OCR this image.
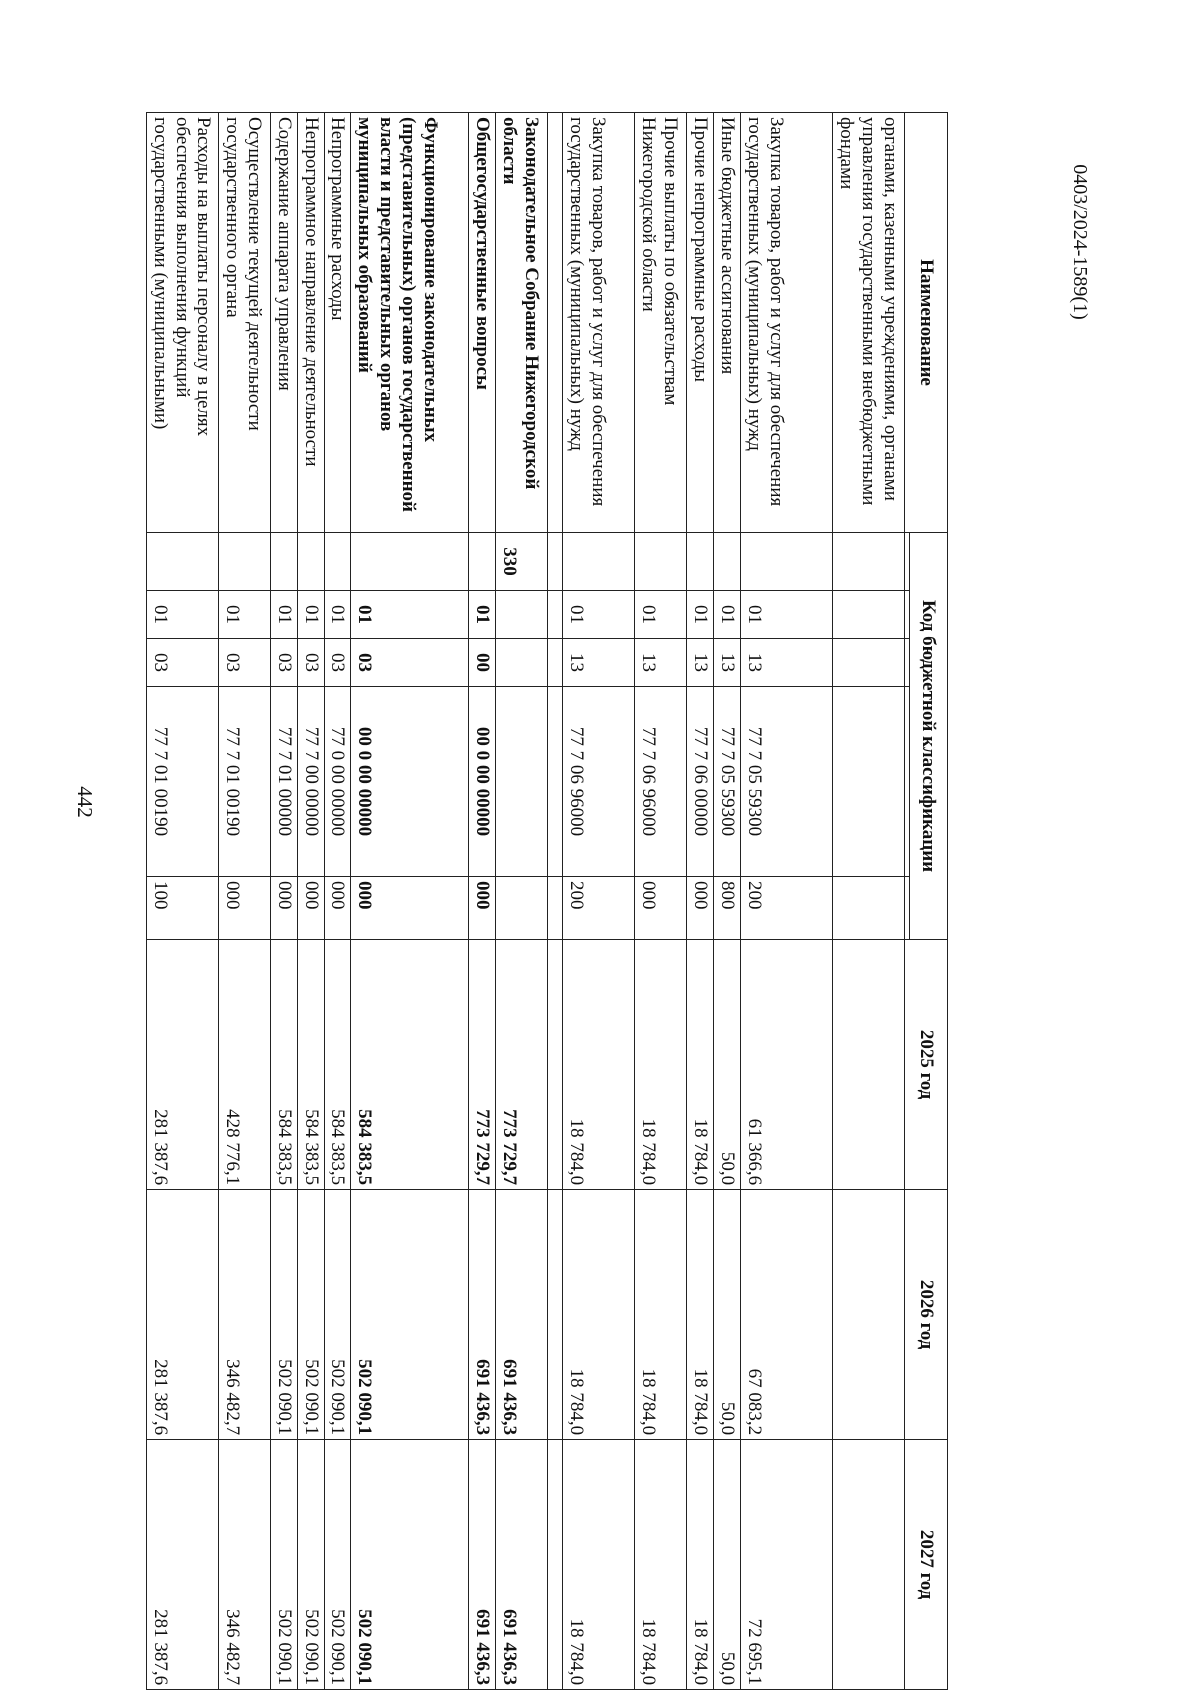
442
0403/2024-1589(1)
Наименование	Код бюджетной классификации					2025 год	2026 год	2027 год

органами, казенными учреждениями, органами управления государственными внебюджетными фондами								
Закупка товаров, работ и услуг для обеспечения государственных (муниципальных) нужд		01	13	77 7 05 59300	200	61 366,6	67 083,2	72 695,1
Иные бюджетные ассигнования		01	13	77 7 05 59300	800	50,0	50,0	50,0
Прочие непрограммные расходы		01	13	77 7 06 00000	000	18 784,0	18 784,0	18 784,0
Прочие выплаты по обязательствам Нижегородской области		01	13	77 7 06 96000	000	18 784,0	18 784,0	18 784,0
Закупка товаров, работ и услуг для обеспечения государственных (муниципальных) нужд		01	13	77 7 06 96000	200	18 784,0	18 784,0	18 784,0

Законодательное Собрание Нижегородской области	330					773 729,7	691 436,3	691 436,3
Общегосударственные вопросы		01	00	00 0 00 00000	000	773 729,7	691 436,3	691 436,3
Функционирование законодательных (представительных) органов государственной власти и представительных органов муниципальных образований		01	03	00 0 00 00000	000	584 383,5	502 090,1	502 090,1
Непрограммные расходы		01	03	77 0 00 00000	000	584 383,5	502 090,1	502 090,1
Непрограммное направление деятельности		01	03	77 7 00 00000	000	584 383,5	502 090,1	502 090,1
Содержание аппарата управления		01	03	77 7 01 00000	000	584 383,5	502 090,1	502 090,1
Осуществление текущей деятельности государственного органа		01	03	77 7 01 00190	000	428 776,1	346 482,7	346 482,7
Расходы на выплаты персоналу в целях обеспечения выполнения функций государственными (муниципальными)		01	03	77 7 01 00190	100	281 387,6	281 387,6	281 387,6
